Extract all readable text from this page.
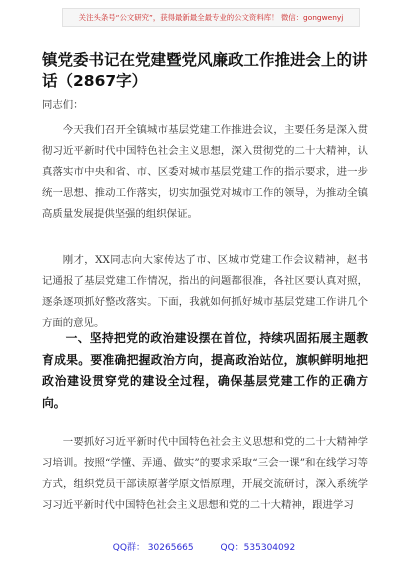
关注头条号“公文研究”，获得最新最全最专业的公文资料库！ 微信：gongwenyj
镇党委书记在党建暨党风廉政工作推进会上的讲话（2867字）
同志们：
今天我们召开全镇城市基层党建工作推进会议，主要任务是深入贯彻习近平新时代中国特色社会主义思想，深入贯彻党的二十大精神，认真落实市中央和省、市、区委对城市基层党建工作的指示要求，进一步统一思想、推动工作落实，切实加强党对城市工作的领导，为推动全镇高质量发展提供坚强的组织保证。
刚才，XX同志向大家传达了市、区城市党建工作会议精神，赵书记通报了基层党建工作情况，指出的问题都很准，各社区要认真对照，逐条逐项抓好整改落实。下面，我就如何抓好城市基层党建工作讲几个方面的意见。
一、坚持把党的政治建设摆在首位，持续巩固拓展主题教育成果。要准确把握政治方向，提高政治站位，旗帜鲜明地把政治建设贯穿党的建设全过程，确保基层党建工作的正确方向。
一要抓好习近平新时代中国特色社会主义思想和党的二十大精神学习培训。按照“学懂、弄通、做实”的要求采取“三会一课”和在线学习等方式，组织党员干部读原著学原文悟原理，开展交流研讨，深入系统学习习近平新时代中国特色社会主义思想和党的二十大精神，跟进学习
QQ群： 30265665	QQ：535304092
